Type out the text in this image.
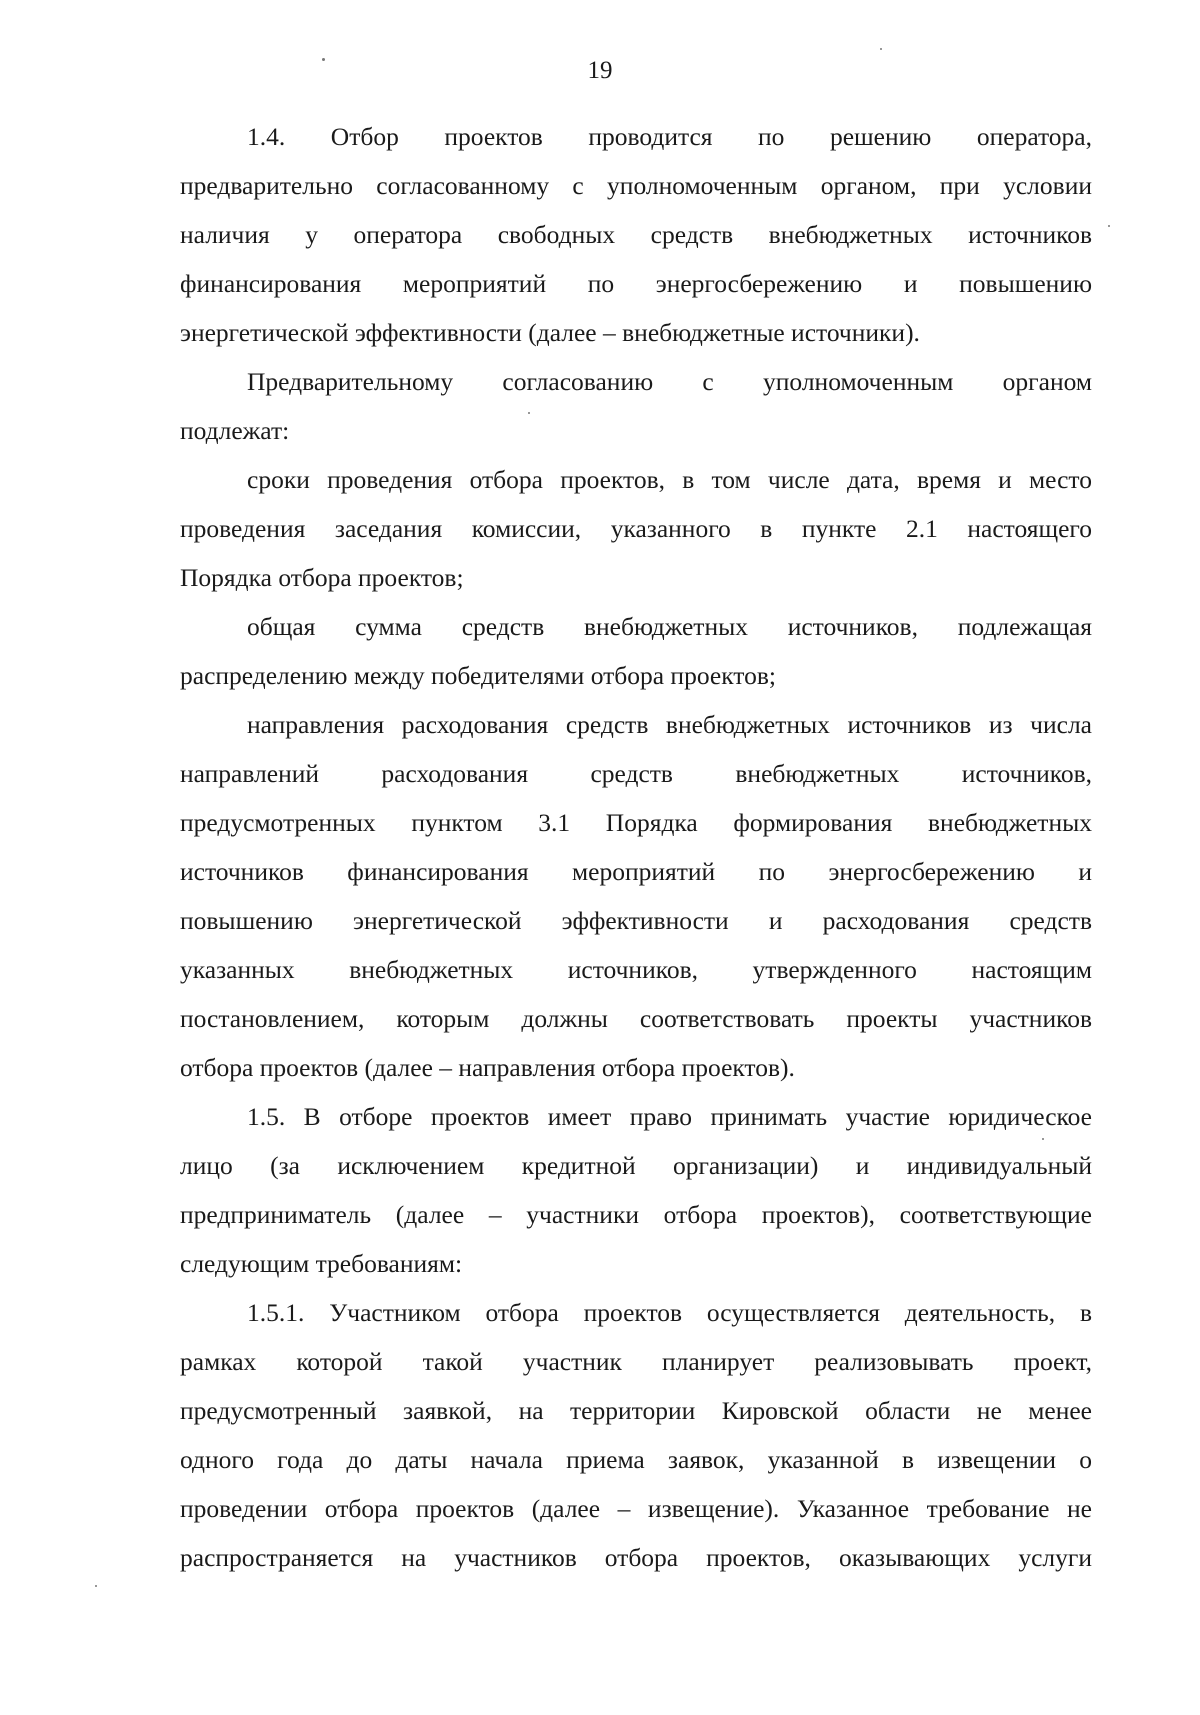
19

1.4. Отбор проектов проводится по решению оператора,
предварительно согласованному с уполномоченным органом, при условии
наличия у оператора свободных средств внебюджетных источников
финансирования мероприятий по энергосбережению и повышению
энергетической эффективности (далее – внебюджетные источники).

Предварительному согласованию с уполномоченным органом
подлежат:

сроки проведения отбора проектов, в том числе дата, время и место
проведения заседания комиссии, указанного в пункте 2.1 настоящего
Порядка отбора проектов;

общая сумма средств внебюджетных источников, подлежащая
распределению между победителями отбора проектов;

направления расходования средств внебюджетных источников из числа
направлений расходования средств внебюджетных источников,
предусмотренных пунктом 3.1 Порядка формирования внебюджетных
источников финансирования мероприятий по энергосбережению и
повышению энергетической эффективности и расходования средств
указанных внебюджетных источников, утвержденного настоящим
постановлением, которым должны соответствовать проекты участников
отбора проектов (далее – направления отбора проектов).

1.5. В отборе проектов имеет право принимать участие юридическое
лицо (за исключением кредитной организации) и индивидуальный
предприниматель (далее – участники отбора проектов), соответствующие
следующим требованиям:

1.5.1. Участником отбора проектов осуществляется деятельность, в
рамках которой такой участник планирует реализовывать проект,
предусмотренный заявкой, на территории Кировской области не менее
одного года до даты начала приема заявок, указанной в извещении о
проведении отбора проектов (далее – извещение). Указанное требование не
распространяется на участников отбора проектов, оказывающих услуги
